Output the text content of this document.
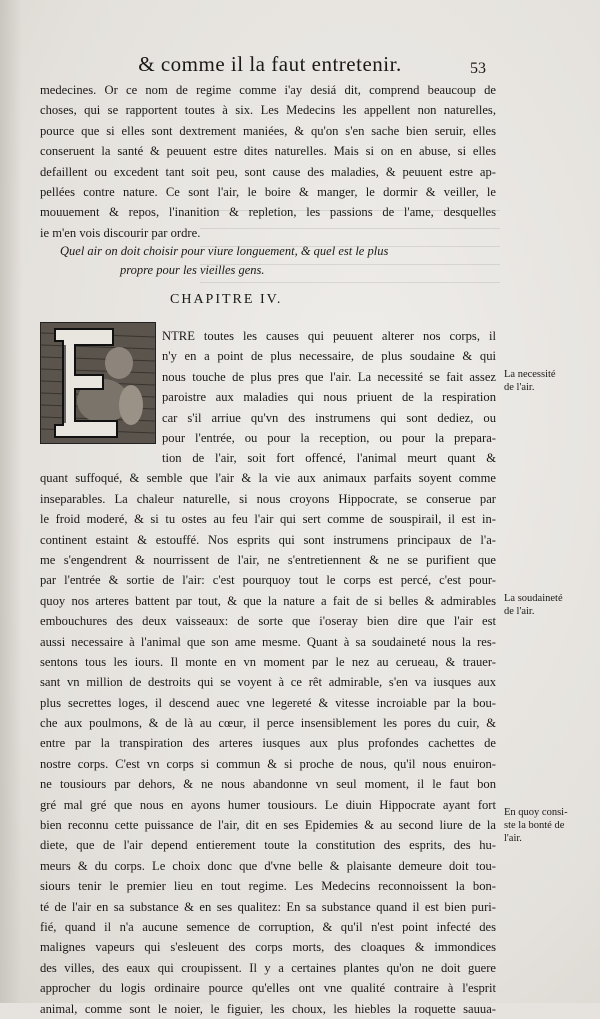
& comme il la faut entretenir.	53
medecines. Or ce nom de regime comme i'ay desiá dit, comprend beaucoup de
choses, qui se rapportent toutes à six. Les Medecins les appellent non naturelles,
pource que si elles sont dextrement maniées, & qu'on s'en sache bien seruir, elles
conseruent la santé & peuuent estre dites naturelles. Mais si on en abuse, si elles
defaillent ou excedent tant soit peu, sont cause des maladies, & peuuent estre ap-
pellées contre nature. Ce sont l'air, le boire & manger, le dormir & veiller, le
mouuement & repos, l'inanition & repletion, les passions de l'ame, desquelles
ie m'en vois discourir par ordre.
Quel air on doit choisir pour viure longuement, & quel est le plus
propre pour les vieilles gens.
CHAPITRE IV.
NTRE toutes les causes qui peuuent alterer nos corps, il
n'y en a point de plus necessaire, de plus soudaine & qui
nous touche de plus pres que l'air. La necessité se fait assez
paroistre aux maladies qui nous priuent de la respiration
car s'il arriue qu'vn des instrumens qui sont dediez, ou
pour l'entrée, ou pour la reception, ou pour la prepara-
tion de l'air, soit fort offencé, l'animal meurt quant &
quant suffoqué, & semble que l'air & la vie aux animaux parfaits soyent comme
inseparables. La chaleur naturelle, si nous croyons Hippocrate, se conserue par
le froid moderé, & si tu ostes au feu l'air qui sert comme de souspirail, il est in-
continent estaint & estouffé. Nos esprits qui sont instrumens principaux de l'a-
me s'engendrent & nourrissent de l'air, ne s'entretiennent & ne se purifient que
par l'entrée & sortie de l'air: c'est pourquoy tout le corps est percé, c'est pour-
quoy nos arteres battent par tout, & que la nature a fait de si belles & admirables
embouchures des deux vaisseaux: de sorte que i'oseray bien dire que l'air est
aussi necessaire à l'animal que son ame mesme. Quant à sa soudaineté nous la res-
sentons tous les iours. Il monte en vn moment par le nez au cerueau, & trauer-
sant vn million de destroits qui se voyent à ce rêt admirable, s'en va iusques aux
plus secrettes loges, il descend auec vne legereté & vitesse incroiable par la bou-
che aux poulmons, & de là au cœur, il perce insensiblement les pores du cuir, &
entre par la transpiration des arteres iusques aux plus profondes cachettes de
nostre corps. C'est vn corps si commun & si proche de nous, qu'il nous enuiron-
ne tousiours par dehors, & ne nous abandonne vn seul moment, il le faut bon
gré mal gré que nous en ayons humer tousiours. Le diuin Hippocrate ayant fort
bien reconnu cette puissance de l'air, dit en ses Epidemies & au second liure de la
diete, que de l'air depend entierement toute la constitution des esprits, des hu-
meurs & du corps. Le choix donc que d'vne belle & plaisante demeure doit tou-
siours tenir le premier lieu en tout regime. Les Medecins reconnoissent la bon-
té de l'air en sa substance & en ses qualitez: En sa substance quand il est bien puri-
fié, quand il n'a aucune semence de corruption, & qu'il n'est point infecté des
malignes vapeurs qui s'esleuent des corps morts, des cloaques & immondices
des villes, des eaux qui croupissent. Il y a certaines plantes qu'on ne doit guere
approcher du logis ordinaire pource qu'elles ont vne qualité contraire à l'esprit
animal, comme sont le noier, le figuier, les choux, les hiebles la roquette sauua-
La necessité
de l'air.
La soudaineté
de l'air.
En quoy consi-
ste la bonté de
l'air.
